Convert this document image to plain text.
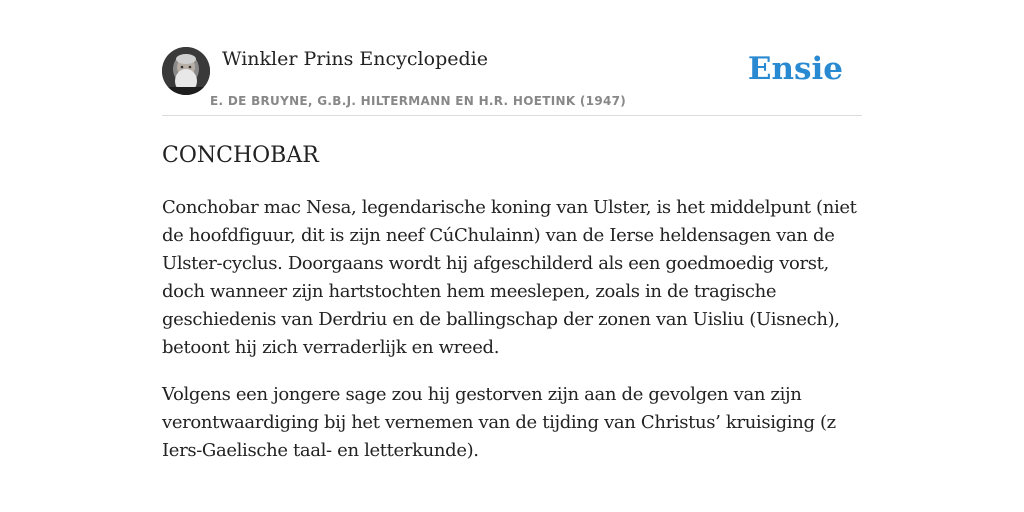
Winkler Prins Encyclopedie
E. DE BRUYNE, G.B.J. HILTERMANN EN H.R. HOETINK (1947)
Ensie
CONCHOBAR

Conchobar mac Nesa, legendarische koning van Ulster, is het middelpunt (niet de hoofdfiguur, dit is zijn neef CúChulainn) van de Ierse heldensagen van de Ulster-cyclus. Doorgaans wordt hij afgeschilderd als een goedmoedig vorst, doch wanneer zijn hartstochten hem meeslepen, zoals in de tragische geschiedenis van Derdriu en de ballingschap der zonen van Uisliu (Uisnech), betoont hij zich verraderlijk en wreed.

Volgens een jongere sage zou hij gestorven zijn aan de gevolgen van zijn verontwaardiging bij het vernemen van de tijding van Christus’ kruisiging (z Iers-Gaelische taal- en letterkunde).
